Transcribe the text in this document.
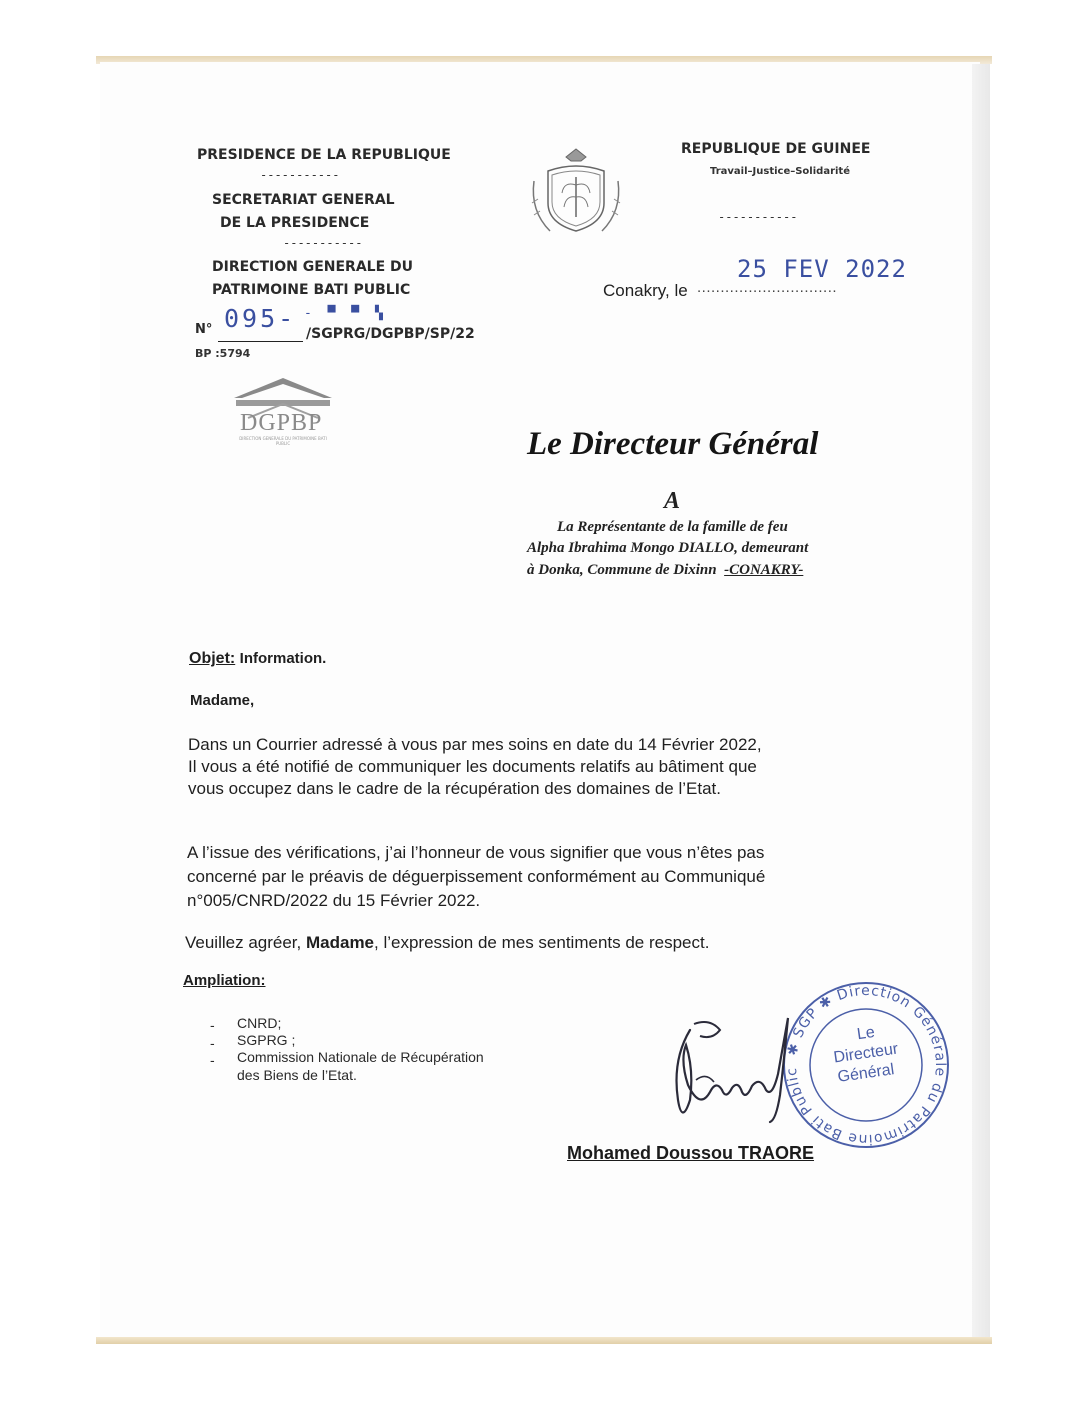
PRESIDENCE DE LA REPUBLIQUE
-----------
SECRETARIAT GENERAL
DE LA PRESIDENCE
-----------
DIRECTION GENERALE DU
PATRIMOINE BATI PUBLIC
N° 095- - ▀ ▀ ▚
/SGPRG/DGPBP/SP/22
BP :5794
DGPBP
DIRECTION GENERALE DU PATRIMOINE BATI PUBLIC
REPUBLIQUE DE GUINEE
Travail–Justice–Solidarité
-----------
25 FEV 2022
Conakry, le ..............................
Le Directeur Général
A
La Représentante de la famille de feu
Alpha Ibrahima Mongo DIALLO, demeurant
à Donka, Commune de Dixinn -CONAKRY-
Objet: Information.
Madame,
Dans un Courrier adressé à vous par mes soins en date du 14 Février 2022,
Il vous a été notifié de communiquer les documents relatifs au bâtiment que
vous occupez dans le cadre de la récupération des domaines de l’Etat.
A l’issue des vérifications, j’ai l’honneur de vous signifier que vous n’êtes pas
concerné par le préavis de déguerpissement conformément au Communiqué
n°005/CNRD/2022 du 15 Février 2022.
Veuillez agréer, Madame, l’expression de mes sentiments de respect.
Ampliation:
- CNRD;
- SGPRG ;
- Commission Nationale de Récupération
des Biens de l’Etat.
✱ SGP ✱ Direction Générale du Patrimoine Bati Public
Le
Directeur
Général
Mohamed Doussou TRAORE
